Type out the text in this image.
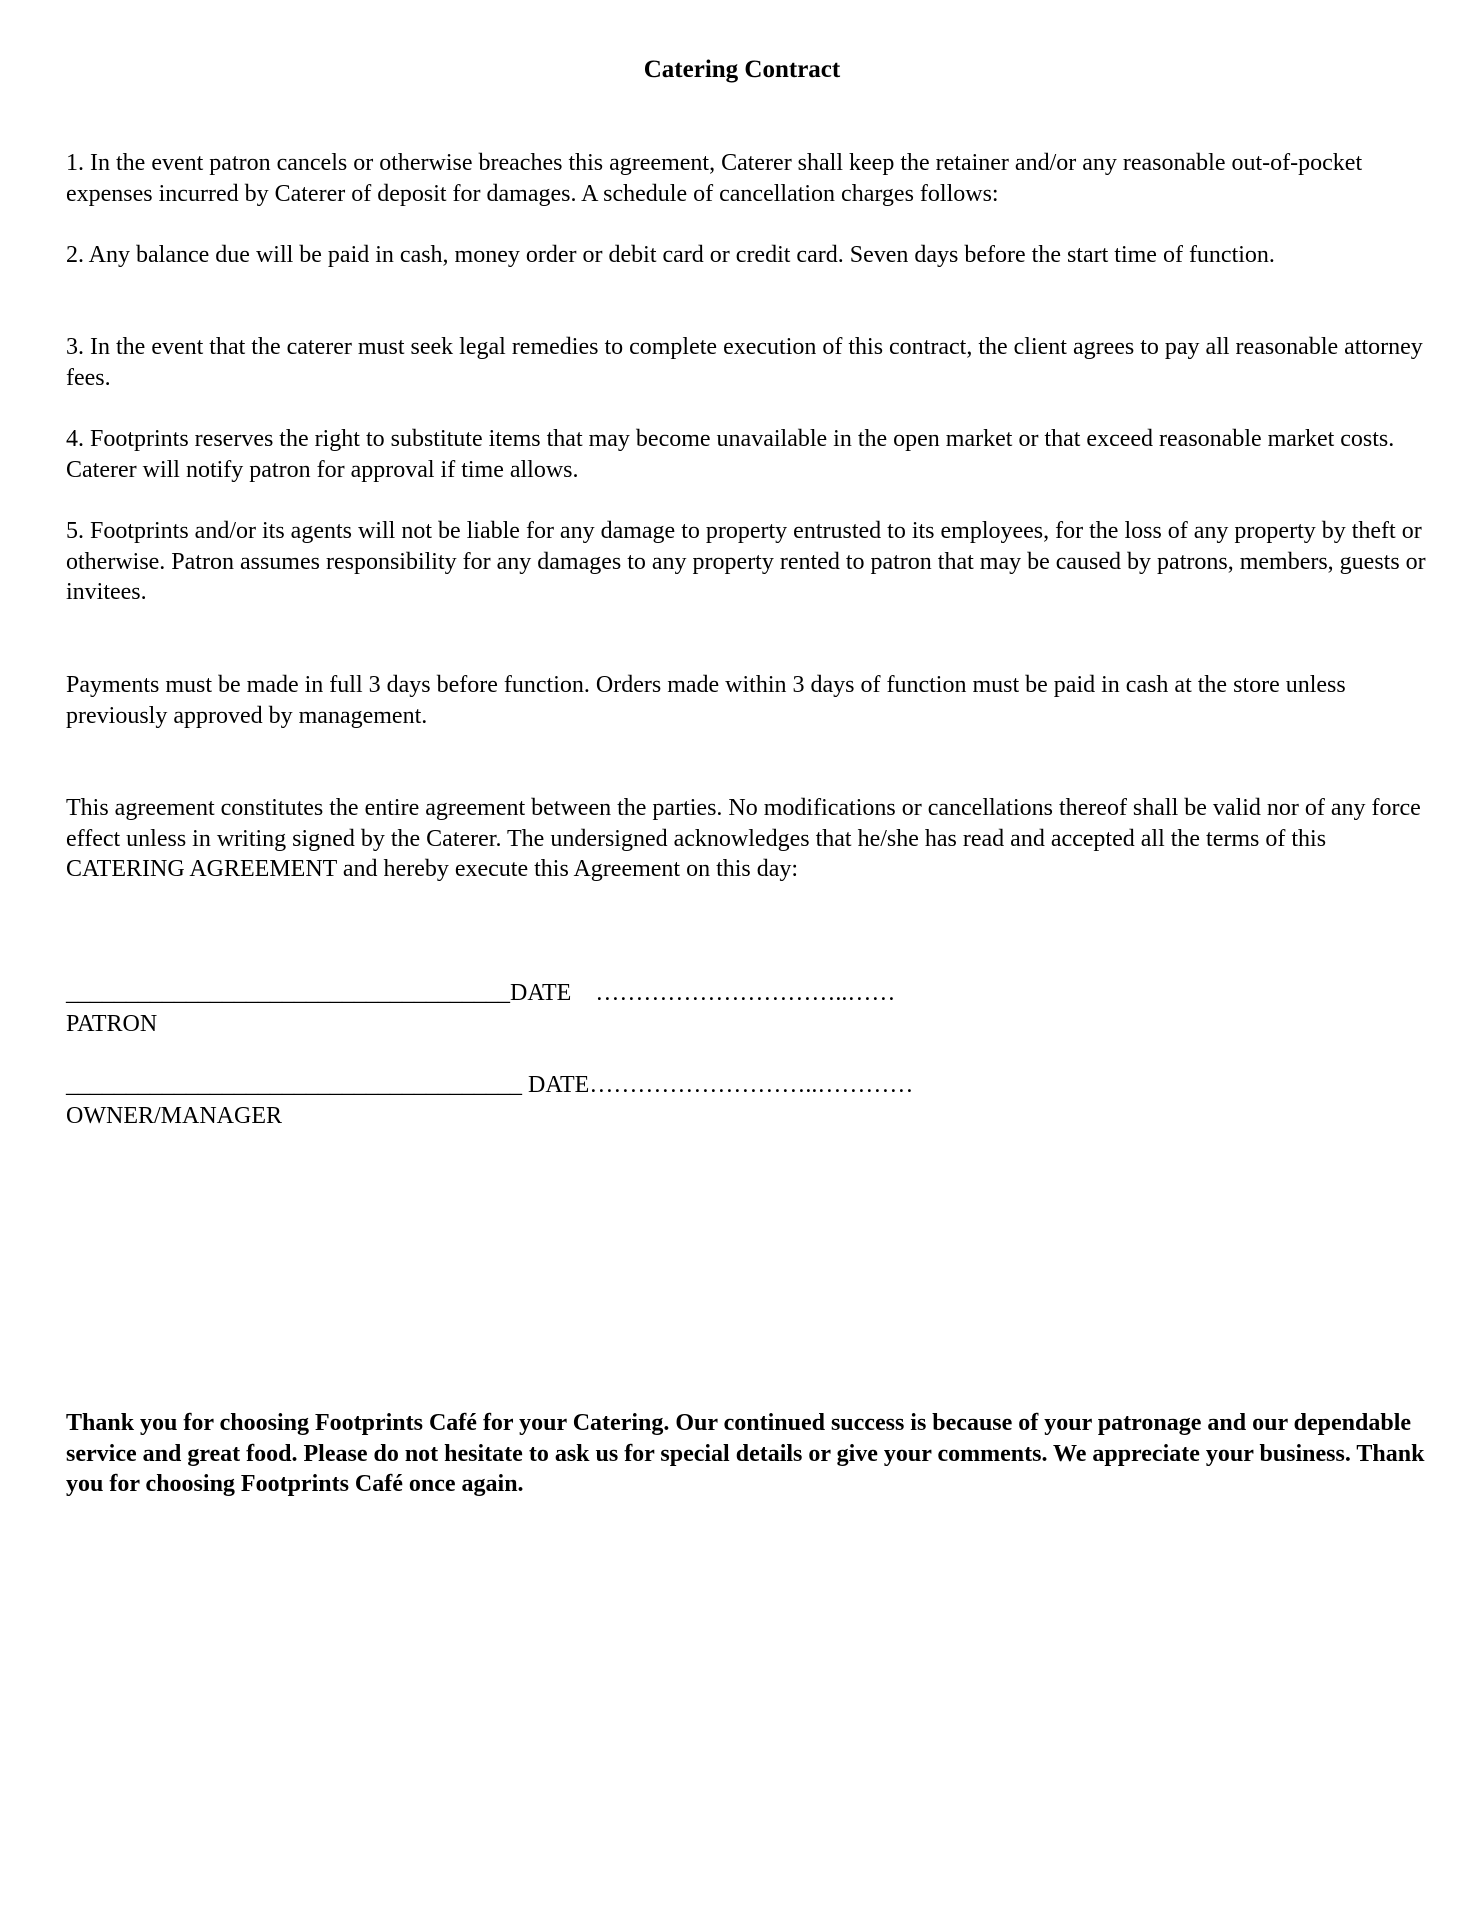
Catering Contract

1. In the event patron cancels or otherwise breaches this agreement, Caterer shall keep the retainer and/or any reasonable out-of-pocket expenses incurred by Caterer of deposit for damages. A schedule of cancellation charges follows:

2. Any balance due will be paid in cash, money order or debit card or credit card. Seven days before the start time of function.

3. In the event that the caterer must seek legal remedies to complete execution of this contract, the client agrees to pay all reasonable attorney fees.

4. Footprints reserves the right to substitute items that may become unavailable in the open market or that exceed reasonable market costs. Caterer will notify patron for approval if time allows.

5. Footprints and/or its agents will not be liable for any damage to property entrusted to its employees, for the loss of any property by theft or otherwise. Patron assumes responsibility for any damages to any property rented to patron that may be caused by patrons, members, guests or invitees.

Payments must be made in full 3 days before function. Orders made within 3 days of function must be paid in cash at the store unless previously approved by management.

This agreement constitutes the entire agreement between the parties. No modifications or cancellations thereof shall be valid nor of any force effect unless in writing signed by the Caterer. The undersigned acknowledges that he/she has read and accepted all the terms of this CATERING AGREEMENT and hereby execute this Agreement on this day:

_____________________________________DATE    …………………………..……
PATRON
______________________________________ DATE………………………..…………
OWNER/MANAGER

Thank you for choosing Footprints Café for your Catering. Our continued success is because of your patronage and our dependable service and great food. Please do not hesitate to ask us for special details or give your comments. We appreciate your business. Thank you for choosing Footprints Café once again.
